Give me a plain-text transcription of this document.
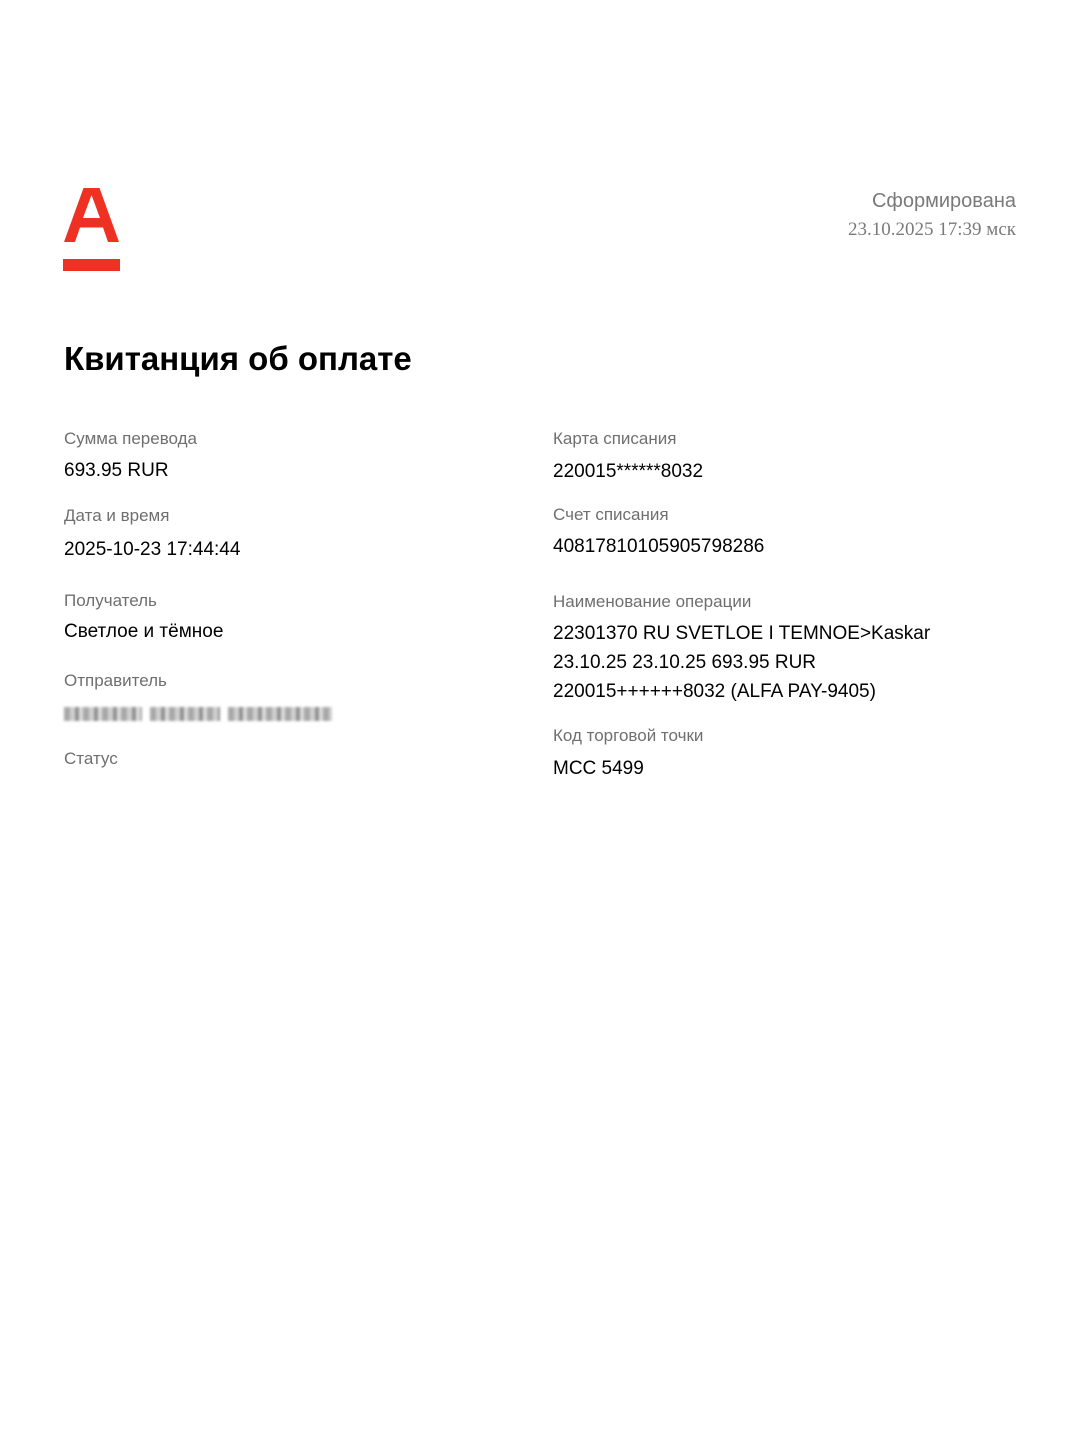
Сформирована
23.10.2025 17:39 мск
Квитанция об оплате
Сумма перевода
693.95 RUR
Дата и время
2025-10-23 17:44:44
Получатель
Светлое и тёмное
Отправитель
Статус
Карта списания
220015******8032
Счет списания
40817810105905798286
Наименование операции
22301370 RU SVETLOE I TEMNOE>Kaskar
23.10.25 23.10.25 693.95 RUR
220015++++++8032 (ALFA PAY-9405)
Код торговой точки
MCC 5499
